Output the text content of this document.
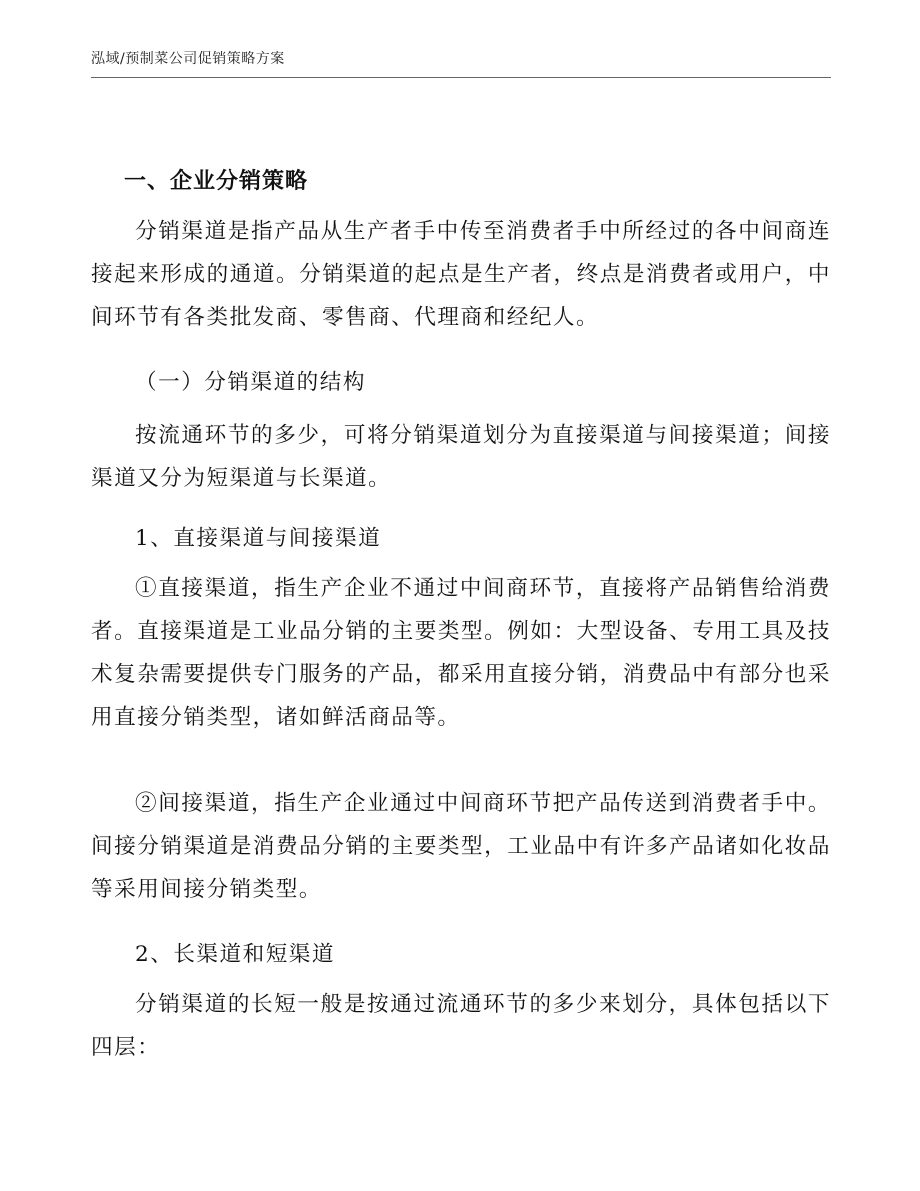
泓域/预制菜公司促销策略方案
一、企业分销策略
分销渠道是指产品从生产者手中传至消费者手中所经过的各中间商连接起来形成的通道。分销渠道的起点是生产者，终点是消费者或用户，中间环节有各类批发商、零售商、代理商和经纪人。
（一）分销渠道的结构
按流通环节的多少，可将分销渠道划分为直接渠道与间接渠道；间接渠道又分为短渠道与长渠道。
1、直接渠道与间接渠道
①直接渠道，指生产企业不通过中间商环节，直接将产品销售给消费者。直接渠道是工业品分销的主要类型。例如：大型设备、专用工具及技术复杂需要提供专门服务的产品，都采用直接分销，消费品中有部分也采用直接分销类型，诸如鲜活商品等。
②间接渠道，指生产企业通过中间商环节把产品传送到消费者手中。间接分销渠道是消费品分销的主要类型，工业品中有许多产品诸如化妆品等采用间接分销类型。
2、长渠道和短渠道
分销渠道的长短一般是按通过流通环节的多少来划分，具体包括以下四层：
